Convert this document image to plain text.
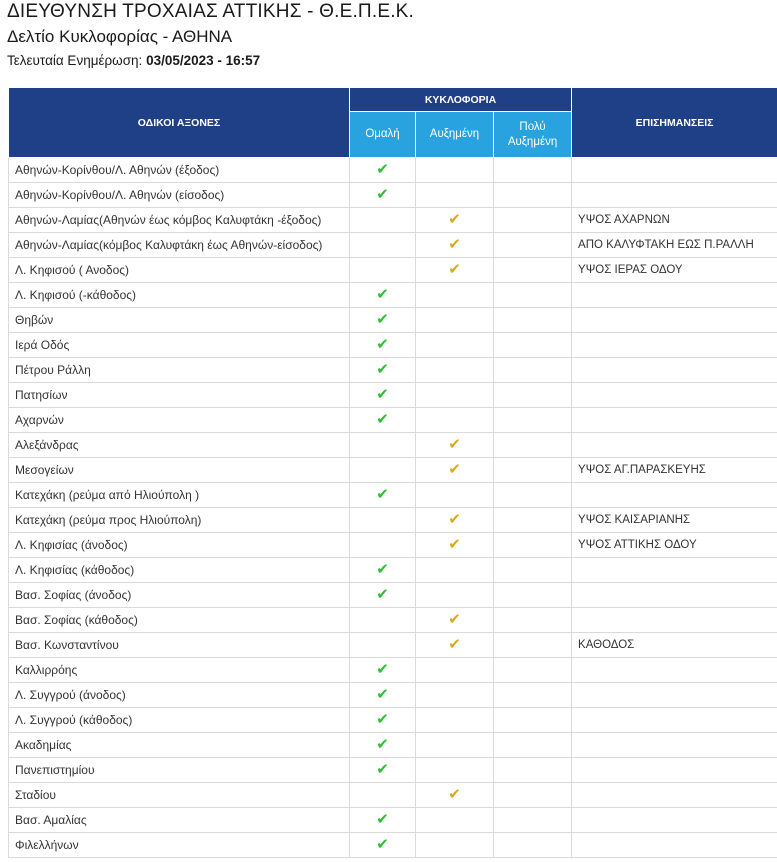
ΔΙΕΥΘΥΝΣΗ ΤΡΟΧΑΙΑΣ ΑΤΤΙΚΗΣ - Θ.Ε.Π.Ε.Κ.
Δελτίο Κυκλοφορίας - ΑΘΗΝΑ
Τελευταία Ενημέρωση: 03/05/2023 - 16:57
ΟΔΙΚΟΙ ΑΞΟΝΕΣ	ΚΥΚΛΟΦΟΡΙΑ			ΕΠΙΣΗΜΑΝΣΕΙΣ
	Ομαλή	Αυξημένη	Πολύ
Αυξημένη	
Αθηνών-Κορίνθου/Λ. Αθηνών (έξοδος)	✔			
Αθηνών-Κορίνθου/Λ. Αθηνών (είσοδος)	✔			
Αθηνών-Λαμίας(Αθηνών έως κόμβος Καλυφτάκη -έξοδος)		✔		ΥΨΟΣ ΑΧΑΡΝΩΝ
Αθηνών-Λαμίας(κόμβος Καλυφτάκη έως Αθηνών-είσοδος)		✔		ΑΠΟ ΚΑΛΥΦΤΑΚΗ ΕΩΣ Π.ΡΑΛΛΗ
Λ. Κηφισού ( Ανοδος)		✔		ΥΨΟΣ ΙΕΡΑΣ ΟΔΟΥ
Λ. Κηφισού (-κάθοδος)	✔			
Θηβών	✔			
Ιερά Οδός	✔			
Πέτρου Ράλλη	✔			
Πατησίων	✔			
Αχαρνών	✔			
Αλεξάνδρας		✔		
Μεσογείων		✔		ΥΨΟΣ ΑΓ.ΠΑΡΑΣΚΕΥΗΣ
Κατεχάκη (ρεύμα από Ηλιούπολη )	✔			
Κατεχάκη (ρεύμα προς Ηλιούπολη)		✔		ΥΨΟΣ ΚΑΙΣΑΡΙΑΝΗΣ
Λ. Κηφισίας (άνοδος)		✔		ΥΨΟΣ ΑΤΤΙΚΗΣ ΟΔΟΥ
Λ. Κηφισίας (κάθοδος)	✔			
Βασ. Σοφίας (άνοδος)	✔			
Βασ. Σοφίας (κάθοδος)		✔		
Βασ. Κωνσταντίνου		✔		ΚΑΘΟΔΟΣ
Καλλιρρόης	✔			
Λ. Συγγρού (άνοδος)	✔			
Λ. Συγγρού (κάθοδος)	✔			
Ακαδημίας	✔			
Πανεπιστημίου	✔			
Σταδίου		✔		
Βασ. Αμαλίας	✔			
Φιλελλήνων	✔			
